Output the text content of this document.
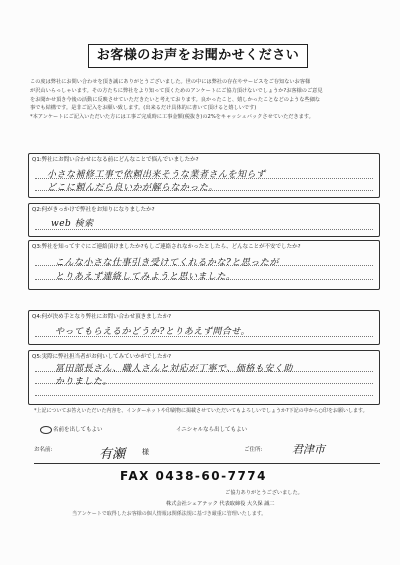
お客様のお声をお聞かせください

この度は弊社にお問い合わせを頂き誠にありがとうございました。世の中には弊社の存在やサービスをご存知ないお客様

が沢山いらっしゃいます。その方たちに弊社をより知って頂くためのアンケートにご協力頂けないでしょうか?お客様のご意見

をお聞かせ頂き今後の活動に反映させていただきたいと考えております。良かったこと、嬉しかったことなどのような些細な

事でも結構です。是非ご記入をお願い致します。(出来るだけ具体的に書いて頂けると嬉しいです)

*本アンケートにご記入いただいた方には工事ご完成時に工事金額(税抜き)の2%をキャッシュバックさせていただきます。

Q1:弊社にお問い合わせになる前にどんなことで悩んでいましたか?
小さな補修工事で依頼出来そうな業者さんを知らず
どこに頼んだら良いかが解らなかった。
Q2:何がきっかけで弊社をお知りになりましたか?
web 検索
Q3:弊社を知ってすぐにご連絡頂けましたか?もしご連絡されなかったとしたら、どんなことが不安でしたか?
こんな小さな仕事引き受けてくれるかな?と思ったが
とりあえず連絡してみようと思いました。
Q4:何が決め手となり弊社にお問い合わせ頂きましたか?
やってもらえるかどうか?とりあえず問合せ。
Q5:実際に弊社担当者がお伺いしてみていかがでしたか?
冨田部長さん、職人さんと対応が丁寧で、価格も安く助
かりました。
*上記についてお答えいただいた内容を、インターネットや印刷物に掲載させていただいてもよろしいでしょうか?下記の中から○印をお願いします。
名前を出してもよい	イニシャルなら出してもよい
お名前:	有瀬 様	ご住所:	君津市
FAX 0438-60-7774
ご協力ありがとうございました。
株式会社シェアテック 代表取締役 大久保 誠二
当アンケートで取得したお客様の個人情報は関係法規に基づき厳重に管理いたします。
